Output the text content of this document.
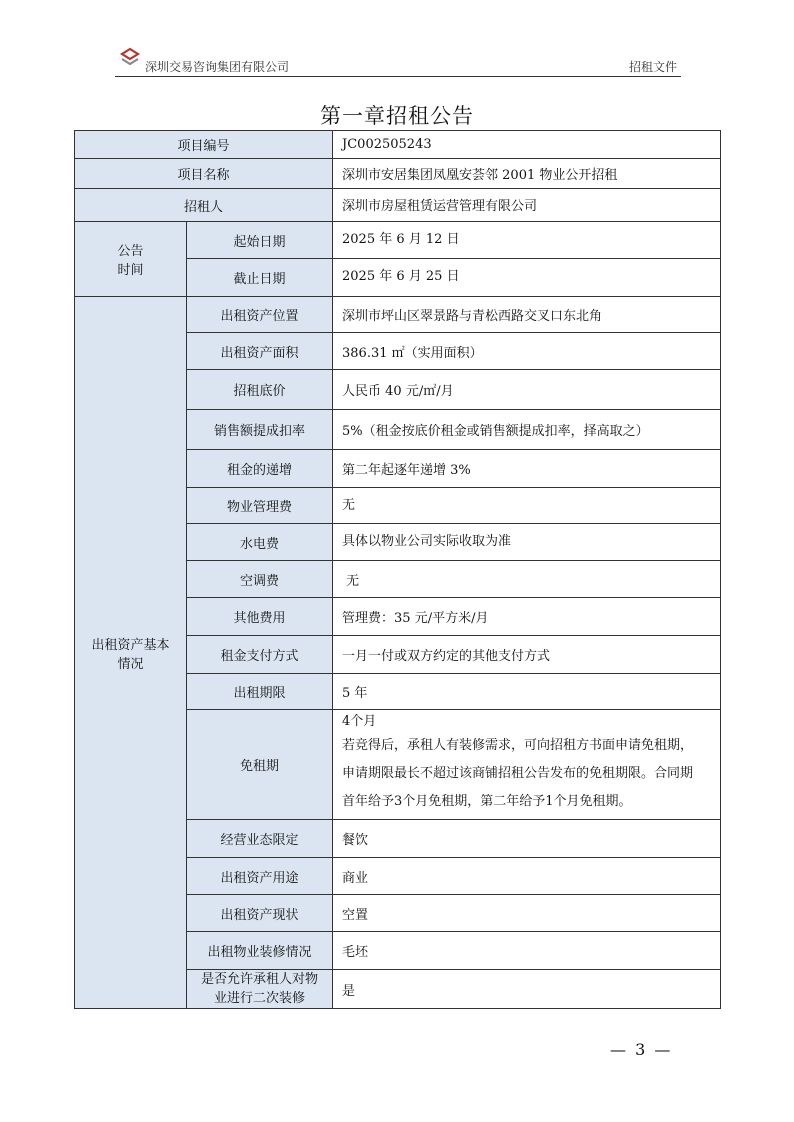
深圳交易咨询集团有限公司	招租文件
第一章招租公告
项目编号		JC002505243
项目名称		深圳市安居集团凤凰安荟邻 2001 物业公开招租
招租人		深圳市房屋租赁运营管理有限公司

公告
时间	起始日期	2025 年 6 月 12 日
	截止日期	2025 年 6 月 25 日

出租资产基本
情况	出租资产位置	深圳市坪山区翠景路与青松西路交叉口东北角
	出租资产面积	386.31 ㎡（实用面积）
	招租底价	人民币 40 元/㎡/月
	销售额提成扣率	5%（租金按底价租金或销售额提成扣率，择高取之）
	租金的递增	第二年起逐年递增 3%
	物业管理费	无
	水电费	具体以物业公司实际收取为准
	空调费	无
	其他费用	管理费：35 元/平方米/月
	租金支付方式	一月一付或双方约定的其他支付方式
	出租期限	5 年
	免租期	4个月
若竞得后，承租人有装修需求，可向招租方书面申请免租期，
申请期限最长不超过该商铺招租公告发布的免租期限。合同期
首年给予3个月免租期，第二年给予1个月免租期。

	经营业态限定	餐饮
	出租资产用途	商业
	出租资产现状	空置
	出租物业装修情况	毛坯

	是否允许承租人对物
业进行二次装修	是
— 3 —
